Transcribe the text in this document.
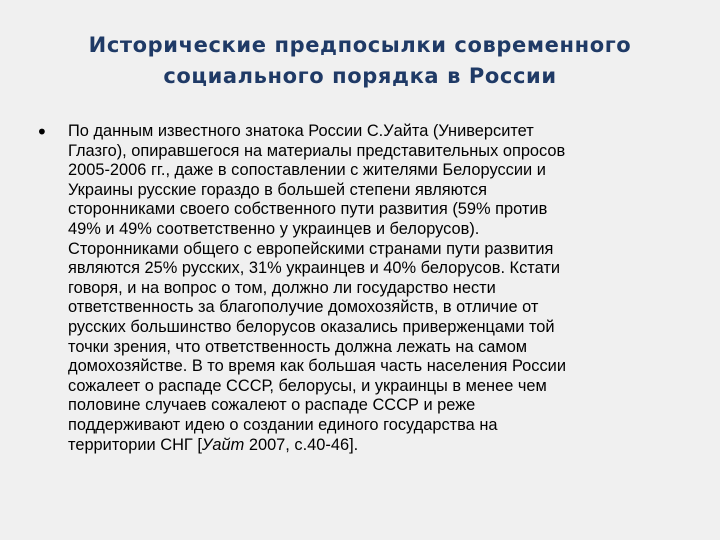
Исторические предпосылки современного
социального порядка в России
•	По данным известного знатока России С.Уайта (Университет
Глазго), опиравшегося на материалы представительных опросов
2005-2006 гг., даже в сопоставлении с жителями Белоруссии и
Украины русские гораздо в большей степени являются
сторонниками своего собственного пути развития (59% против
49% и 49% соответственно у украинцев и белорусов).
Сторонниками общего с европейскими странами пути развития
являются 25% русских, 31% украинцев и 40% белорусов. Кстати
говоря, и на вопрос о том, должно ли государство нести
ответственность за благополучие домохозяйств, в отличие от
русских большинство белорусов оказались приверженцами той
точки зрения, что ответственность должна лежать на самом
домохозяйстве. В то время как большая часть населения России
сожалеет о распаде СССР, белорусы, и украинцы в менее чем
половине случаев сожалеют о распаде СССР и реже
поддерживают идею о создании единого государства на
территории СНГ [Уайт 2007, с.40-46].
